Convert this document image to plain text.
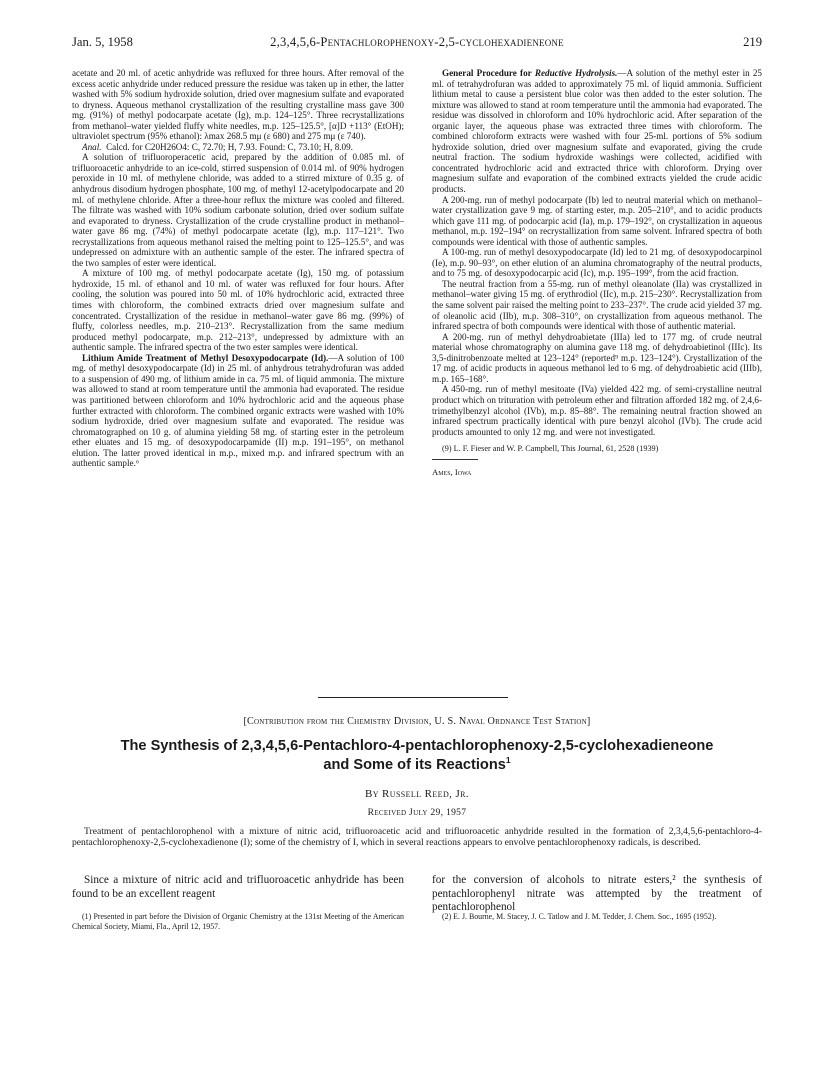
Jan. 5, 1958	2,3,4,5,6-Pentachlorophenoxy-2,5-cyclohexadieneone	219

acetate and 20 ml. of acetic anhydride was refluxed for three hours. After removal of the excess acetic anhydride under reduced pressure the residue was taken up in ether, the latter washed with 5% sodium hydroxide solution, dried over magnesium sulfate and evaporated to dryness. Aqueous methanol crystallization of the resulting crystalline mass gave 300 mg. (91%) of methyl podocarpate acetate (Ig), m.p. 124–125°. Three recrystallizations from methanol–water yielded fluffy white needles, m.p. 125–125.5°, [α]D +113° (EtOH); ultraviolet spectrum (95% ethanol): λmax 268.5 mμ (ε 680) and 275 mμ (ε 740).

Anal. Calcd. for C20H26O4: C, 72.70; H, 7.93. Found: C, 73.10; H, 8.09.

A solution of trifluoroperacetic acid, prepared by the addition of 0.085 ml. of trifluoroacetic anhydride to an ice-cold, stirred suspension of 0.014 ml. of 90% hydrogen peroxide in 10 ml. of methylene chloride, was added to a stirred mixture of 0.35 g. of anhydrous disodium hydrogen phosphate, 100 mg. of methyl 12-acetylpodocarpate and 20 ml. of methylene chloride. After a three-hour reflux the mixture was cooled and filtered. The filtrate was washed with 10% sodium carbonate solution, dried over sodium sulfate and evaporated to dryness. Crystallization of the crude crystalline product in methanol–water gave 86 mg. (74%) of methyl podocarpate acetate (Ig), m.p. 117–121°. Two recrystallizations from aqueous methanol raised the melting point to 125–125.5°, and was undepressed on admixture with an authentic sample of the ester. The infrared spectra of the two samples of ester were identical.

A mixture of 100 mg. of methyl podocarpate acetate (Ig), 150 mg. of potassium hydroxide, 15 ml. of ethanol and 10 ml. of water was refluxed for four hours. After cooling, the solution was poured into 50 ml. of 10% hydrochloric acid, extracted three times with chloroform, the combined extracts dried over magnesium sulfate and concentrated. Crystallization of the residue in methanol–water gave 86 mg. (99%) of fluffy, colorless needles, m.p. 210–213°. Recrystallization from the same medium produced methyl podocarpate, m.p. 212–213°, undepressed by admixture with an authentic sample. The infrared spectra of the two ester samples were identical.

Lithium Amide Treatment of Methyl Desoxypodocarpate (Id).—A solution of 100 mg. of methyl desoxypodocarpate (Id) in 25 ml. of anhydrous tetrahydrofuran was added to a suspension of 490 mg. of lithium amide in ca. 75 ml. of liquid ammonia. The mixture was allowed to stand at room temperature until the ammonia had evaporated. The residue was partitioned between chloroform and 10% hydrochloric acid and the aqueous phase further extracted with chloroform. The combined organic extracts were washed with 10% sodium hydroxide, dried over magnesium sulfate and evaporated. The residue was chromatographed on 10 g. of alumina yielding 58 mg. of starting ester in the petroleum ether eluates and 15 mg. of desoxypodocarpamide (II) m.p. 191–195°, on methanol elution. The latter proved identical in m.p., mixed m.p. and infrared spectrum with an authentic sample.⁶

General Procedure for Reductive Hydrolysis.—A solution of the methyl ester in 25 ml. of tetrahydrofuran was added to approximately 75 ml. of liquid ammonia. Sufficient lithium metal to cause a persistent blue color was then added to the ester solution. The mixture was allowed to stand at room temperature until the ammonia had evaporated. The residue was dissolved in chloroform and 10% hydrochloric acid. After separation of the organic layer, the aqueous phase was extracted three times with chloroform. The combined chloroform extracts were washed with four 25-ml. portions of 5% sodium hydroxide solution, dried over magnesium sulfate and evaporated, giving the crude neutral fraction. The sodium hydroxide washings were collected, acidified with concentrated hydrochloric acid and extracted thrice with chloroform. Drying over magnesium sulfate and evaporation of the combined extracts yielded the crude acidic products.

A 200-mg. run of methyl podocarpate (Ib) led to neutral material which on methanol–water crystallization gave 9 mg. of starting ester, m.p. 205–210°, and to acidic products which gave 111 mg. of podocarpic acid (Ia), m.p. 179–192°, on crystallization in aqueous methanol, m.p. 192–194° on recrystallization from same solvent. Infrared spectra of both compounds were identical with those of authentic samples.

A 100-mg. run of methyl desoxypodocarpate (Id) led to 21 mg. of desoxypodocarpinol (Ie), m.p. 90–93°, on ether elution of an alumina chromatography of the neutral products, and to 75 mg. of desoxypodocarpic acid (Ic), m.p. 195–199°, from the acid fraction.

The neutral fraction from a 55-mg. run of methyl oleanolate (IIa) was crystallized in methanol–water giving 15 mg. of erythrodiol (IIc), m.p. 215–230°. Recrystallization from the same solvent pair raised the melting point to 233–237°. The crude acid yielded 37 mg. of oleanolic acid (IIb), m.p. 308–310°, on crystallization from aqueous methanol. The infrared spectra of both compounds were identical with those of authentic material.

A 200-mg. run of methyl dehydroabietate (IIIa) led to 177 mg. of crude neutral material whose chromatography on alumina gave 118 mg. of dehydroabietinol (IIIc). Its 3,5-dinitrobenzoate melted at 123–124° (reported⁹ m.p. 123–124°). Crystallization of the 17 mg. of acidic products in aqueous methanol led to 6 mg. of dehydroabietic acid (IIIb), m.p. 165–168°.

A 450-mg. run of methyl mesitoate (IVa) yielded 422 mg. of semi-crystalline neutral product which on trituration with petroleum ether and filtration afforded 182 mg. of 2,4,6-trimethylbenzyl alcohol (IVb), m.p. 85–88°. The remaining neutral fraction showed an infrared spectrum practically identical with pure benzyl alcohol (IVb). The crude acid products amounted to only 12 mg. and were not investigated.

(9) L. F. Fieser and W. P. Campbell, This Journal, 61, 2528 (1939)

Ames, Iowa

[Contribution from the Chemistry Division, U. S. Naval Ordnance Test Station]
The Synthesis of 2,3,4,5,6-Pentachloro-4-pentachlorophenoxy-2,5-cyclohexadieneone
and Some of its Reactions$^1$
By Russell Reed, Jr.
Received July 29, 1957
Treatment of pentachlorophenol with a mixture of nitric acid, trifluoroacetic acid and trifluoroacetic anhydride resulted in the formation of 2,3,4,5,6-pentachloro-4-pentachlorophenoxy-2,5-cyclohexadienone (I); some of the chemistry of I, which in several reactions appears to envolve pentachlorophenoxy radicals, is described.
Since a mixture of nitric acid and trifluoroacetic anhydride has been found to be an excellent reagent
for the conversion of alcohols to nitrate esters,² the synthesis of pentachlorophenyl nitrate was attempted by the treatment of pentachlorophenol
(1) Presented in part before the Division of Organic Chemistry at the 131st Meeting of the American Chemical Society, Miami, Fla., April 12, 1957.
(2) E. J. Bourne, M. Stacey, J. C. Tatlow and J. M. Tedder, J. Chem. Soc., 1695 (1952).
